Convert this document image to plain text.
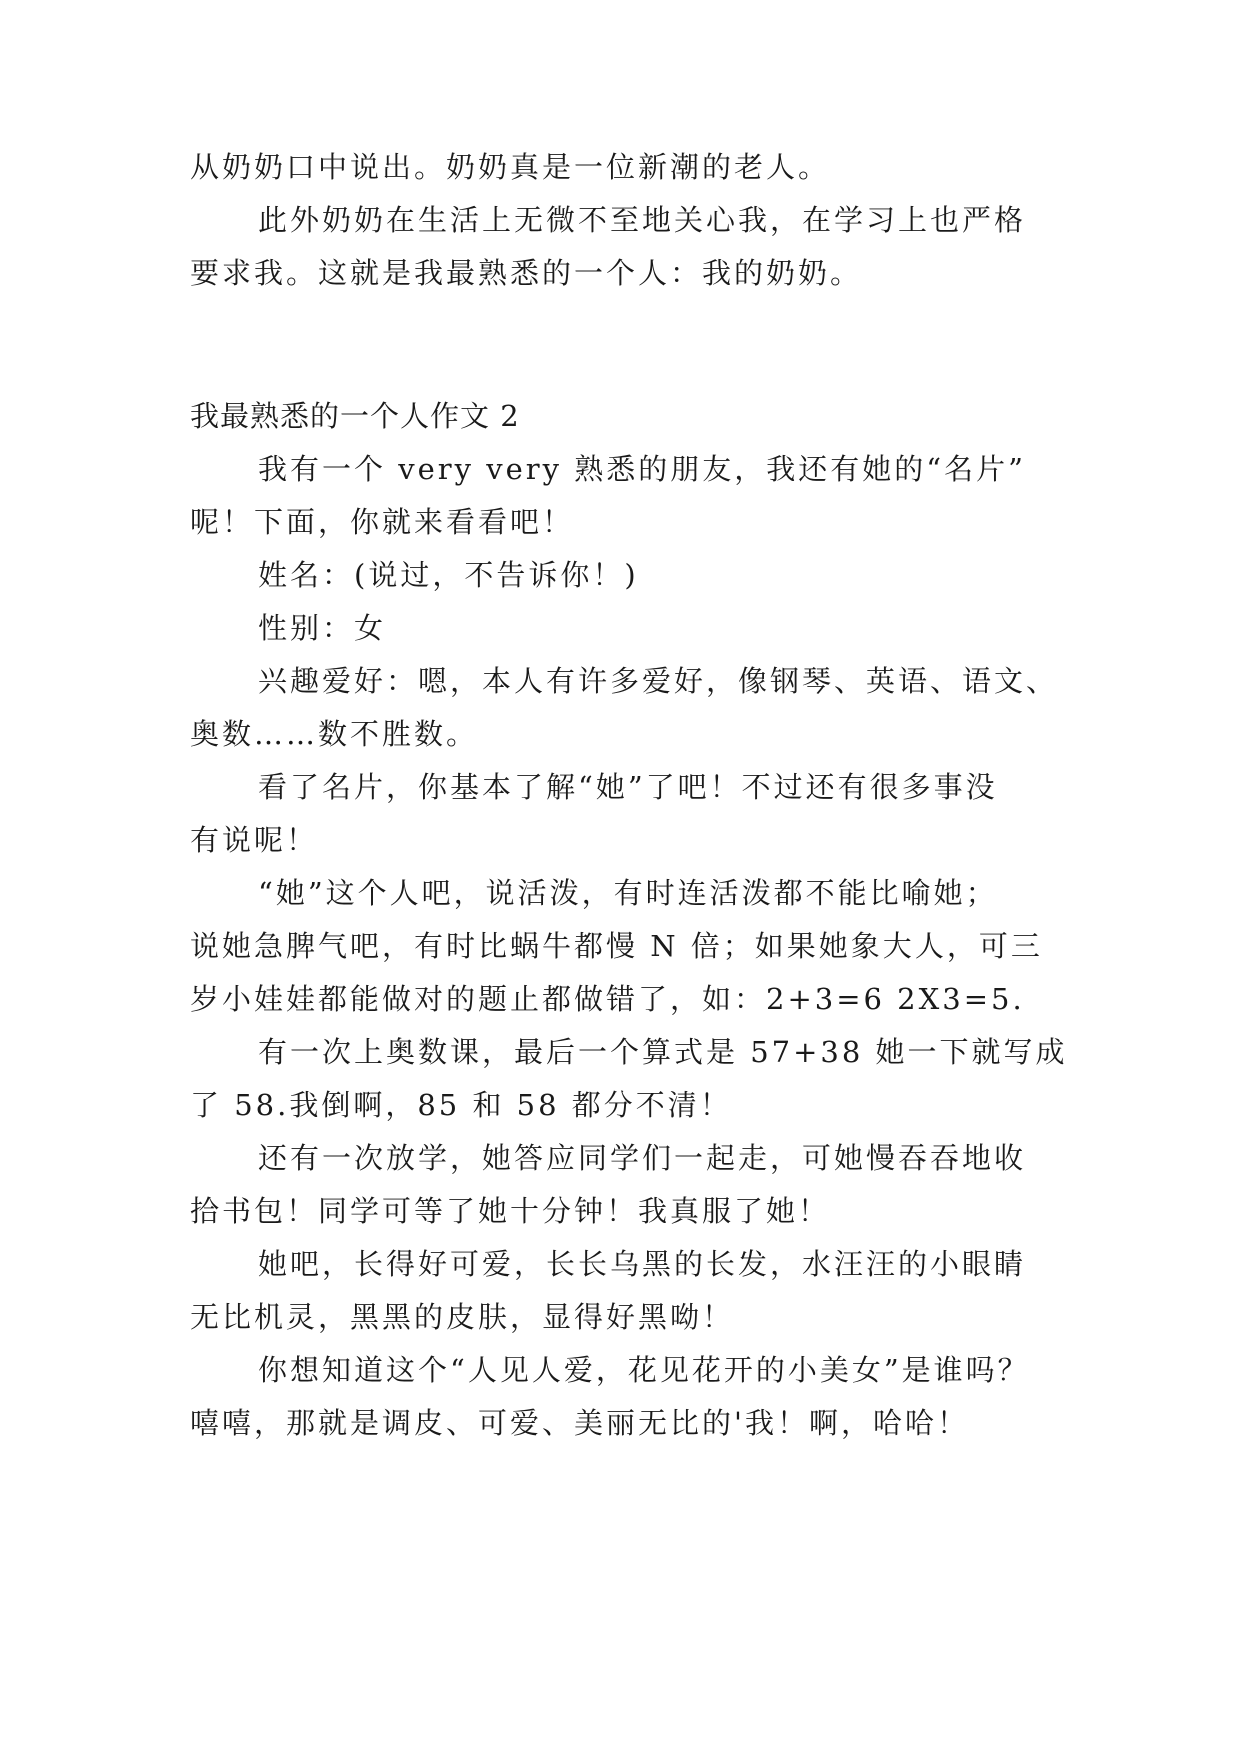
从奶奶口中说出。奶奶真是一位新潮的老人。
此外奶奶在生活上无微不至地关心我，在学习上也严格
要求我。这就是我最熟悉的一个人：我的奶奶。
我最熟悉的一个人作文 2
我有一个 very very 熟悉的朋友，我还有她的“名片”
呢！下面，你就来看看吧！
姓名：(说过，不告诉你！)
性别：女
兴趣爱好：嗯，本人有许多爱好，像钢琴、英语、语文、
奥数……数不胜数。
看了名片，你基本了解“她”了吧！不过还有很多事没
有说呢！
“她”这个人吧，说活泼，有时连活泼都不能比喻她；
说她急脾气吧，有时比蜗牛都慢 N 倍；如果她象大人，可三
岁小娃娃都能做对的题止都做错了，如：2+3=6 2X3=5.
有一次上奥数课，最后一个算式是 57+38 她一下就写成
了 58.我倒啊，85 和 58 都分不清！
还有一次放学，她答应同学们一起走，可她慢吞吞地收
拾书包！同学可等了她十分钟！我真服了她！
她吧，长得好可爱，长长乌黑的长发，水汪汪的小眼睛
无比机灵，黑黑的皮肤，显得好黑呦！
你想知道这个“人见人爱，花见花开的小美女”是谁吗？
嘻嘻，那就是调皮、可爱、美丽无比的'我！啊，哈哈！
